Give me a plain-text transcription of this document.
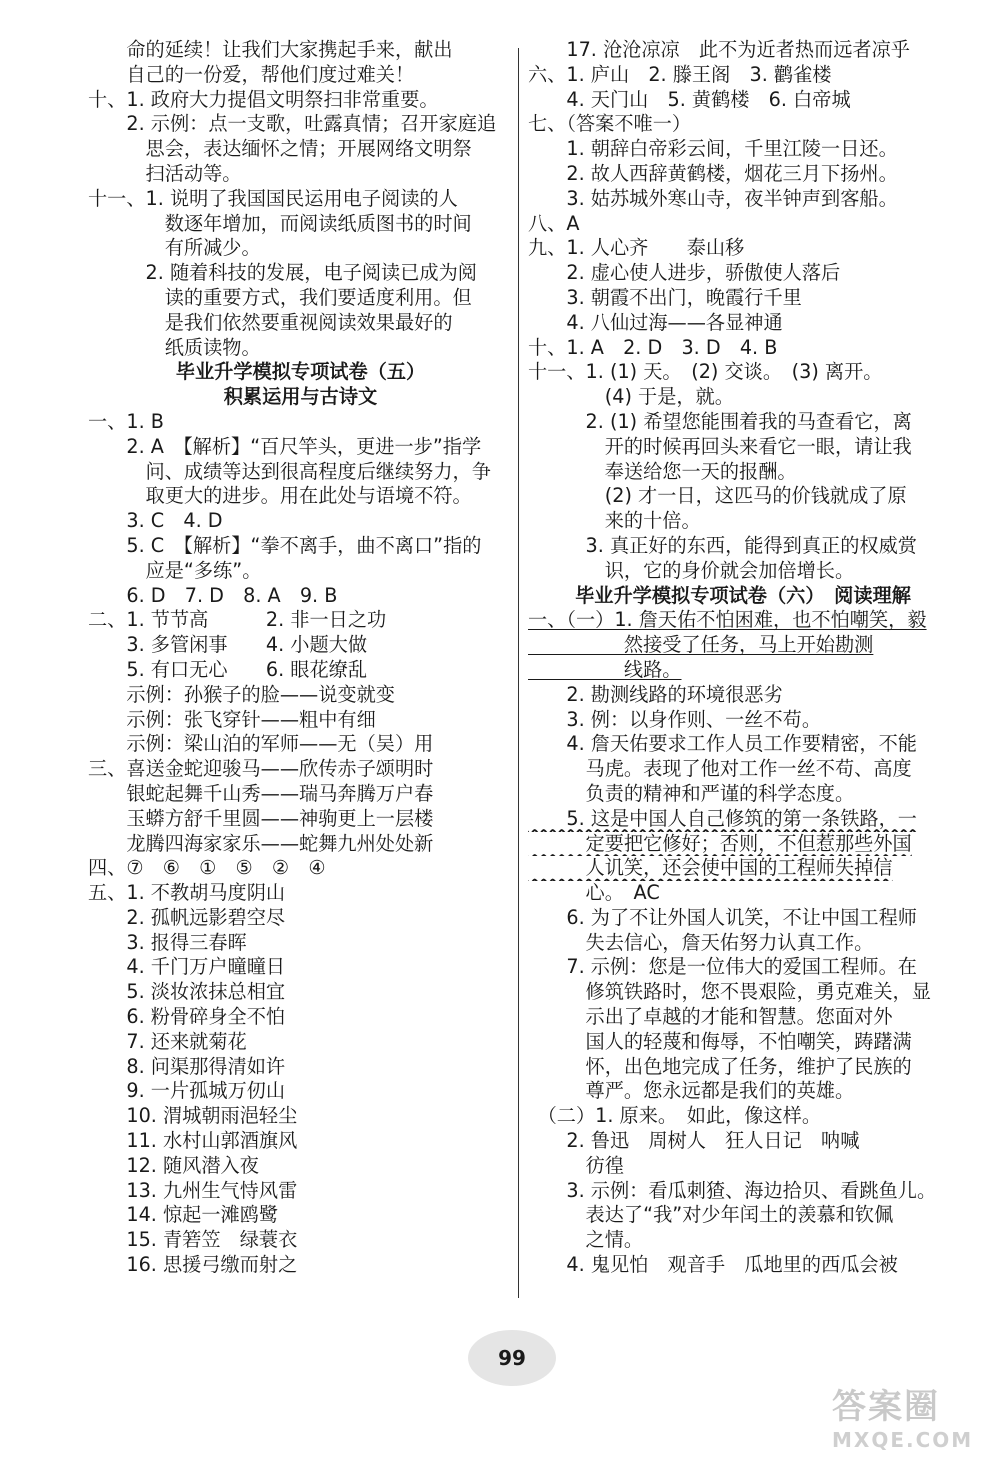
　　命的延续！让我们大家携起手来，献出
　　自己的一份爱，帮他们度过难关！
十、1. 政府大力提倡文明祭扫非常重要。
　　2. 示例：点一支歌，吐露真情；召开家庭追
　　　思会，表达缅怀之情；开展网络文明祭
　　　扫活动等。
十一、1. 说明了我国国民运用电子阅读的人
　　　　数逐年增加，而阅读纸质图书的时间
　　　　有所减少。
　　　2. 随着科技的发展，电子阅读已成为阅
　　　　读的重要方式，我们要适度利用。但
　　　　是我们依然要重视阅读效果最好的
　　　　纸质读物。
毕业升学模拟专项试卷（五）
积累运用与古诗文
一、1. B
　　2. A　【解析】“百尺竿头，更进一步”指学
　　　问、成绩等达到很高程度后继续努力，争
　　　取更大的进步。用在此处与语境不符。
　　3. C　4. D
　　5. C　【解析】“拳不离手，曲不离口”指的
　　　应是“多练”。
　　6. D　7. D　8. A　9. B
二、1. 节节高　　　2. 非一日之功
　　3. 多管闲事　　4. 小题大做
　　5. 有口无心　　6. 眼花缭乱
　　示例：孙猴子的脸——说变就变
　　示例：张飞穿针——粗中有细
　　示例：梁山泊的军师——无（吴）用
三、喜送金蛇迎骏马——欣传赤子颂明时
　　银蛇起舞千山秀——瑞马奔腾万户春
　　玉蟒方舒千里圆——神驹更上一层楼
　　龙腾四海家家乐——蛇舞九州处处新
四、⑦　⑥　①　⑤　②　④
五、1. 不教胡马度阴山
　　2. 孤帆远影碧空尽
　　3. 报得三春晖
　　4. 千门万户曈曈日
　　5. 淡妆浓抹总相宜
　　6. 粉骨碎身全不怕
　　7. 还来就菊花
　　8. 问渠那得清如许
　　9. 一片孤城万仞山
　　10. 渭城朝雨浥轻尘
　　11. 水村山郭酒旗风
　　12. 随风潜入夜
　　13. 九州生气恃风雷
　　14. 惊起一滩鸥鹭
　　15. 青箬笠　绿蓑衣
　　16. 思援弓缴而射之
　　17. 沧沧凉凉　此不为近者热而远者凉乎
六、1. 庐山　2. 滕王阁　3. 鹳雀楼
　　4. 天门山　5. 黄鹤楼　6. 白帝城
七、（答案不唯一）
　　1. 朝辞白帝彩云间，千里江陵一日还。
　　2. 故人西辞黄鹤楼，烟花三月下扬州。
　　3. 姑苏城外寒山寺，夜半钟声到客船。
八、A
九、1. 人心齐　　泰山移
　　2. 虚心使人进步，骄傲使人落后
　　3. 朝霞不出门，晚霞行千里
　　4. 八仙过海——各显神通
十、1. A　2. D　3. D　4. B
十一、1. (1) 天。　(2) 交谈。　(3) 离开。
　　　　(4) 于是，就。
　　　2. (1) 希望您能围着我的马查看它，离
　　　　开的时候再回头来看它一眼，请让我
　　　　奉送给您一天的报酬。
　　　　(2) 才一日，这匹马的价钱就成了原
　　　　来的十倍。
　　　3. 真正好的东西，能得到真正的权威赏
　　　　识，它的身价就会加倍增长。
毕业升学模拟专项试卷（六）　阅读理解
一、（一）1. 詹天佑不怕困难，也不怕嘲笑，毅
　　　　　然接受了任务，马上开始勘测
　　　　　线路。
　　2. 勘测线路的环境很恶劣
　　3. 例：以身作则、一丝不苟。
　　4. 詹天佑要求工作人员工作要精密，不能
　　　马虎。表现了他对工作一丝不苟、高度
　　　负责的精神和严谨的科学态度。
　　5. 这是中国人自己修筑的第一条铁路，一
　　　定要把它修好；否则，不但惹那些外国
　　　人讥笑，还会使中国的工程师失掉信
　　　心。　AC
　　6. 为了不让外国人讥笑，不让中国工程师
　　　失去信心，詹天佑努力认真工作。
　　7. 示例：您是一位伟大的爱国工程师。在
　　　修筑铁路时，您不畏艰险，勇克难关，显
　　　示出了卓越的才能和智慧。您面对外
　　　国人的轻蔑和侮辱，不怕嘲笑，踌躇满
　　　怀，出色地完成了任务，维护了民族的
　　　尊严。您永远都是我们的英雄。
　（二）1. 原来。　如此，像这样。
　　2. 鲁迅　周树人　狂人日记　呐喊
　　　彷徨
　　3. 示例：看瓜刺猹、海边拾贝、看跳鱼儿。
　　　表达了“我”对少年闰土的羡慕和钦佩
　　　之情。
　　4. 鬼见怕　观音手　瓜地里的西瓜会被
99
答案圈
MXQE.COM
